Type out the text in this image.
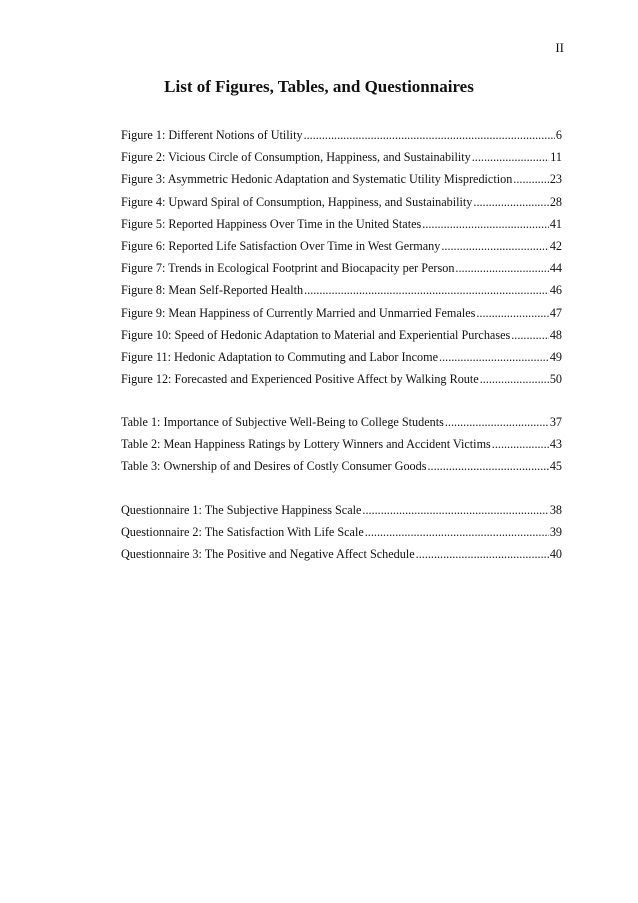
II
List of Figures, Tables, and Questionnaires
Figure 1: Different Notions of Utility .....	6
Figure 2: Vicious Circle of Consumption, Happiness, and Sustainability .....	11
Figure 3: Asymmetric Hedonic Adaptation and Systematic Utility Misprediction .....	23
Figure 4: Upward Spiral of Consumption, Happiness, and Sustainability .....	28
Figure 5: Reported Happiness Over Time in the United States .....	41
Figure 6: Reported Life Satisfaction Over Time in West Germany .....	42
Figure 7: Trends in Ecological Footprint and Biocapacity per Person .....	44
Figure 8: Mean Self-Reported Health .....	46
Figure 9: Mean Happiness of Currently Married and Unmarried Females .....	47
Figure 10: Speed of Hedonic Adaptation to Material and Experiential Purchases .....	48
Figure 11: Hedonic Adaptation to Commuting and Labor Income .....	49
Figure 12: Forecasted and Experienced Positive Affect by Walking Route .....	50
Table 1: Importance of Subjective Well-Being to College Students .....	37
Table 2: Mean Happiness Ratings by Lottery Winners and Accident Victims .....	43
Table 3: Ownership of and Desires of Costly Consumer Goods .....	45
Questionnaire 1: The Subjective Happiness Scale .....	38
Questionnaire 2: The Satisfaction With Life Scale .....	39
Questionnaire 3: The Positive and Negative Affect Schedule .....	40
